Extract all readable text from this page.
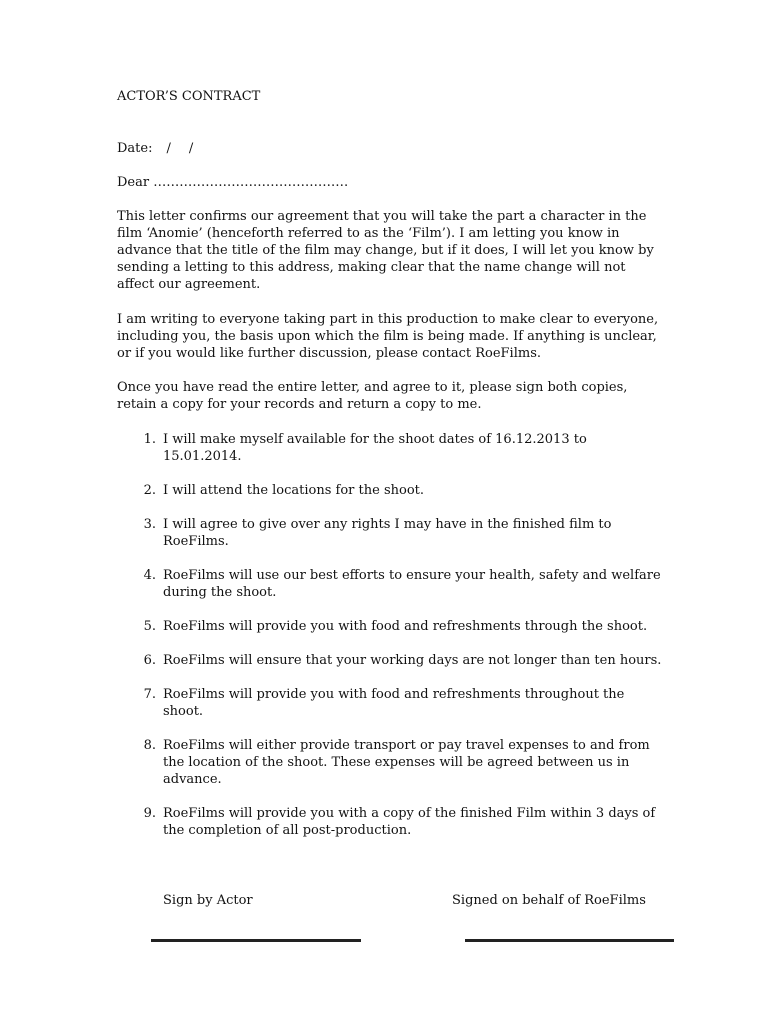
ACTOR’S CONTRACT
Date: / /
Dear ………………………………………

This letter confirms our agreement that you will take the part a character in the film ‘Anomie’ (henceforth referred to as the ‘Film’). I am letting you know in advance that the title of the film may change, but if it does, I will let you know by sending a letting to this address, making clear that the name change will not affect our agreement.

I am writing to everyone taking part in this production to make clear to everyone, including you, the basis upon which the film is being made. If anything is unclear, or if you would like further discussion, please contact RoeFilms.

Once you have read the entire letter, and agree to it, please sign both copies, retain a copy for your records and return a copy to me.

1. I will make myself available for the shoot dates of 16.12.2013 to 15.01.2014.
2. I will attend the locations for the shoot.
3. I will agree to give over any rights I may have in the finished film to RoeFilms.
4. RoeFilms will use our best efforts to ensure your health, safety and welfare during the shoot.
5. RoeFilms will provide you with food and refreshments through the shoot.
6. RoeFilms will ensure that your working days are not longer than ten hours.
7. RoeFilms will provide you with food and refreshments throughout the shoot.
8. RoeFilms will either provide transport or pay travel expenses to and from the location of the shoot. These expenses will be agreed between us in advance.
9. RoeFilms will provide you with a copy of the finished Film within 3 days of the completion of all post-production.
Sign by Actor	Signed on behalf of RoeFilms
